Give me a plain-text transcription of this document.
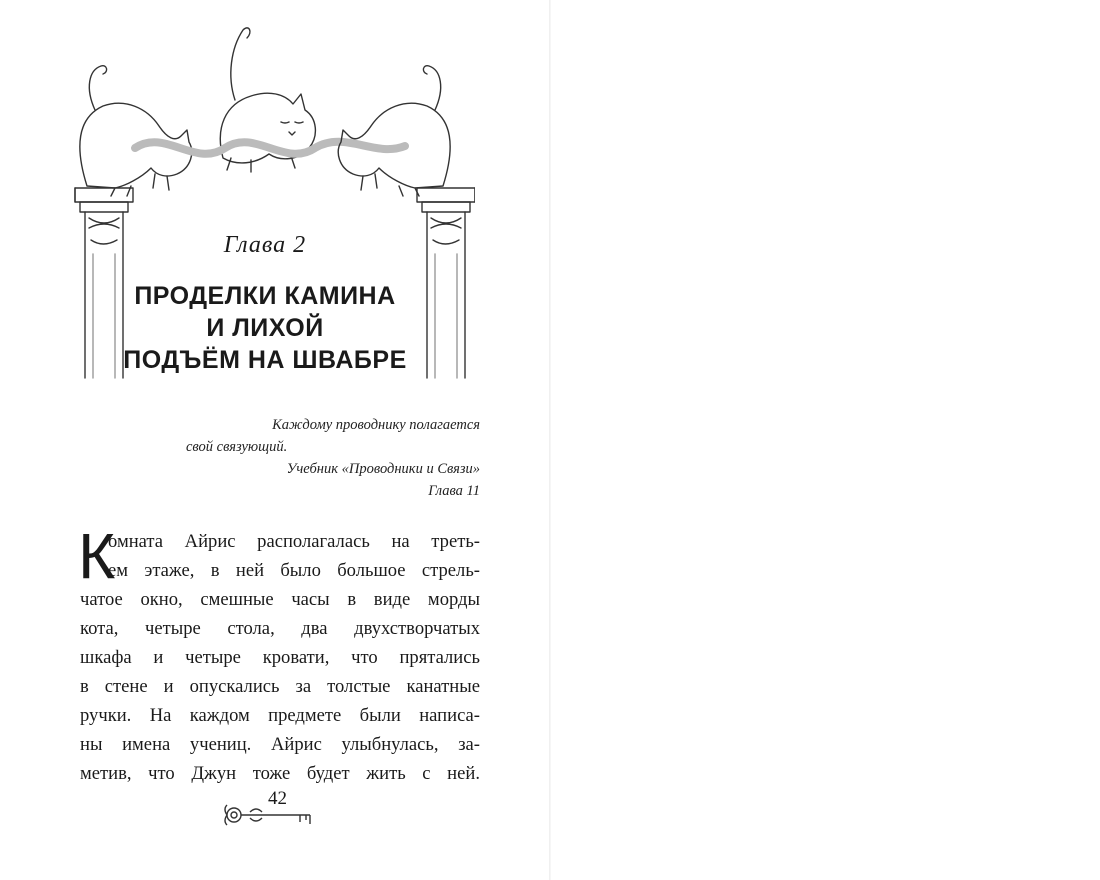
Глава 2
ПРОДЕЛКИ КАМИНА
И ЛИХОЙ
ПОДЪЁМ НА ШВАБРЕ
Каждому проводнику полагается
свой связующий.
Учебник «Проводники и Связи»
Глава 11
К
омната Айрис располагалась на треть-
ем этаже, в ней было большое стрель-
чатое окно, смешные часы в виде морды
кота, четыре стола, два двухстворчатых
шкафа и четыре кровати, что прятались
в стене и опускались за толстые канатные
ручки. На каждом предмете были написа-
ны имена учениц. Айрис улыбнулась, за-
метив, что Джун тоже будет жить с ней.
42
